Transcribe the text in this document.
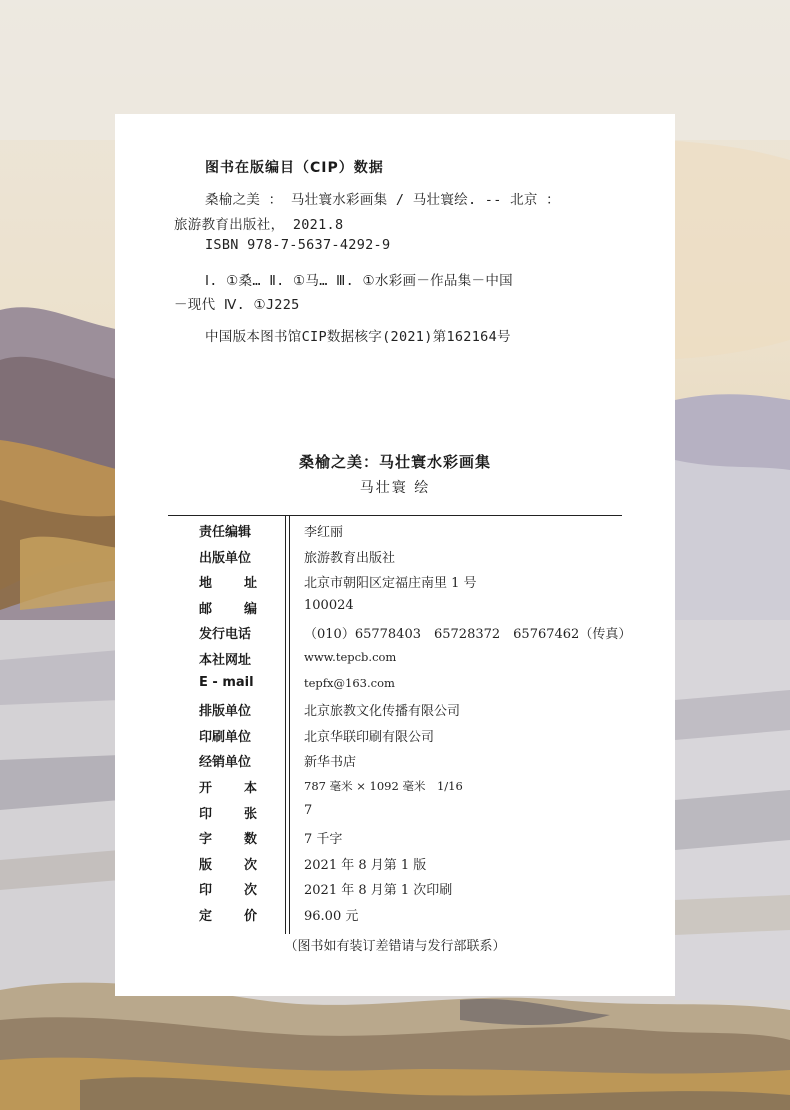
图书在版编目（CIP）数据
桑榆之美 ： 马壮寰水彩画集 / 马壮寰绘. -- 北京 ：
旅游教育出版社， 2021.8
ISBN 978-7-5637-4292-9
Ⅰ. ①桑… Ⅱ. ①马… Ⅲ. ①水彩画－作品集－中国
－现代 Ⅳ. ①J225
中国版本图书馆CIP数据核字(2021)第162164号
桑榆之美：马壮寰水彩画集
马壮寰 绘
责任编辑	李红丽
出版单位	旅游教育出版社
地 址	北京市朝阳区定福庄南里 1 号
邮 编	100024
发行电话	（010）65778403　65728372　65767462（传真）
本社网址	www.tepcb.com
E - mail	tepfx@163.com
排版单位	北京旅教文化传播有限公司
印刷单位	北京华联印刷有限公司
经销单位	新华书店
开 本	787 毫米 × 1092 毫米　1/16
印 张	7
字 数	7 千字
版 次	2021 年 8 月第 1 版
印 次	2021 年 8 月第 1 次印刷
定 价	96.00 元
（图书如有装订差错请与发行部联系）
